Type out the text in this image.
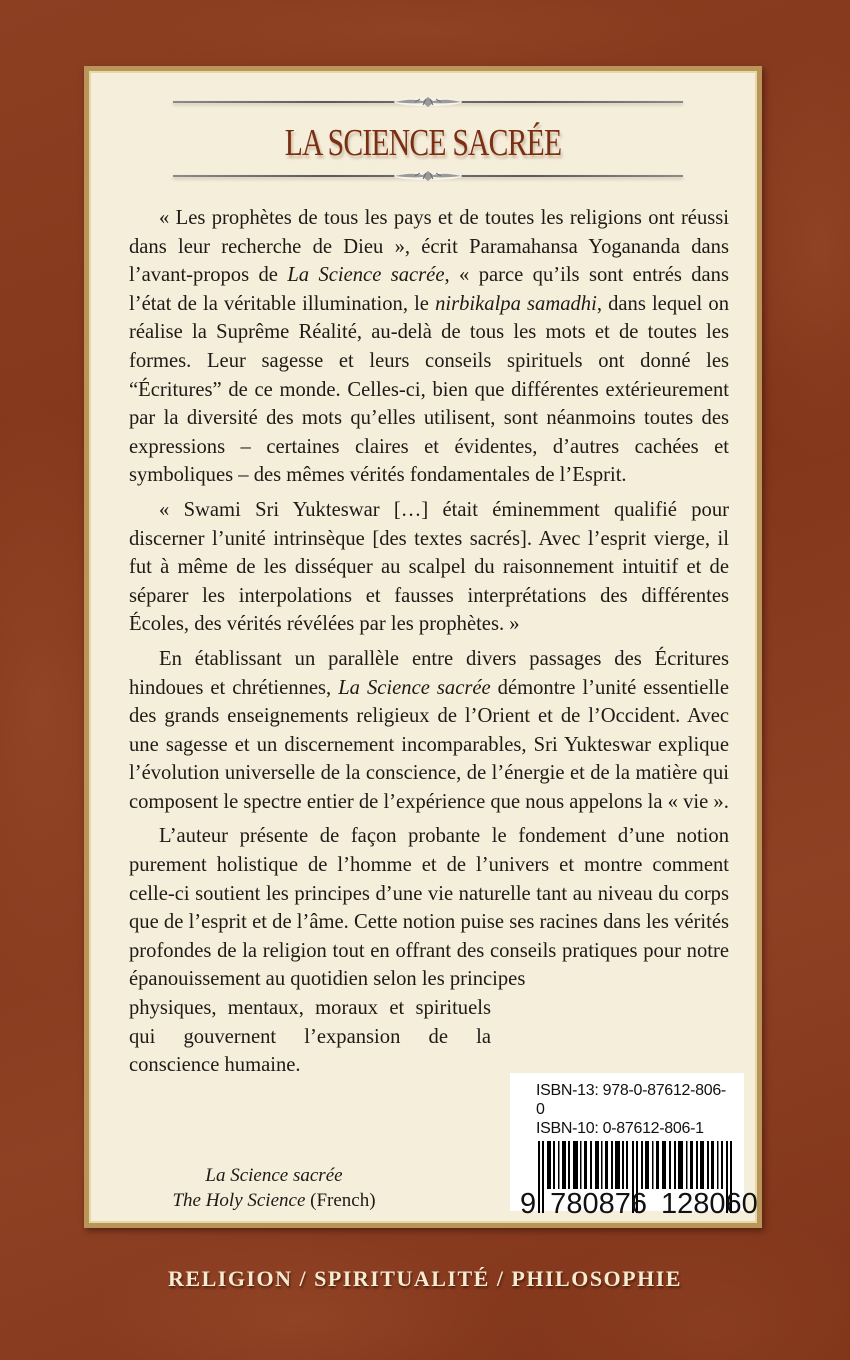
LA SCIENCE SACRÉE

« Les prophètes de tous les pays et de toutes les religions ont réussi dans leur recherche de Dieu », écrit Paramahansa Yogananda dans l’avant-propos de La Science sacrée, « parce qu’ils sont entrés dans l’état de la véritable illumination, le nirbikalpa samadhi, dans lequel on réalise la Suprême Réalité, au-delà de tous les mots et de toutes les formes. Leur sagesse et leurs conseils spirituels ont donné les “Écritures” de ce monde. Celles-ci, bien que différentes extérieurement par la diversité des mots qu’elles utilisent, sont néanmoins toutes des expressions – certaines claires et évidentes, d’autres cachées et symboliques – des mêmes vérités fondamentales de l’Esprit.

« Swami Sri Yukteswar […] était éminemment qualifié pour discerner l’unité intrinsèque [des textes sacrés]. Avec l’esprit vierge, il fut à même de les disséquer au scalpel du raisonnement intuitif et de séparer les interpolations et fausses interprétations des différentes Écoles, des vérités révélées par les prophètes. »

En établissant un parallèle entre divers passages des Écritures hindoues et chrétiennes, La Science sacrée démontre l’unité essentielle des grands enseignements religieux de l’Orient et de l’Occident. Avec une sagesse et un discernement incomparables, Sri Yukteswar explique l’évolution universelle de la conscience, de l’énergie et de la matière qui composent le spectre entier de l’expérience que nous appelons la « vie ».

L’auteur présente de façon probante le fondement d’une notion purement holistique de l’homme et de l’univers et montre comment celle-ci soutient les principes d’une vie naturelle tant au niveau du corps que de l’esprit et de l’âme. Cette notion puise ses racines dans les vérités profondes de la religion tout en offrant des conseils pratiques pour notre épanouissement au quotidien selon les principes

physiques, mentaux, moraux et spirituels qui gouvernent l’expansion de la conscience humaine.

La Science sacrée
The Holy Science (French)
ISBN-13: 978-0-87612-806-0
ISBN-10: 0-87612-806-1
9 780876 128060
RELIGION / SPIRITUALITÉ / PHILOSOPHIE
